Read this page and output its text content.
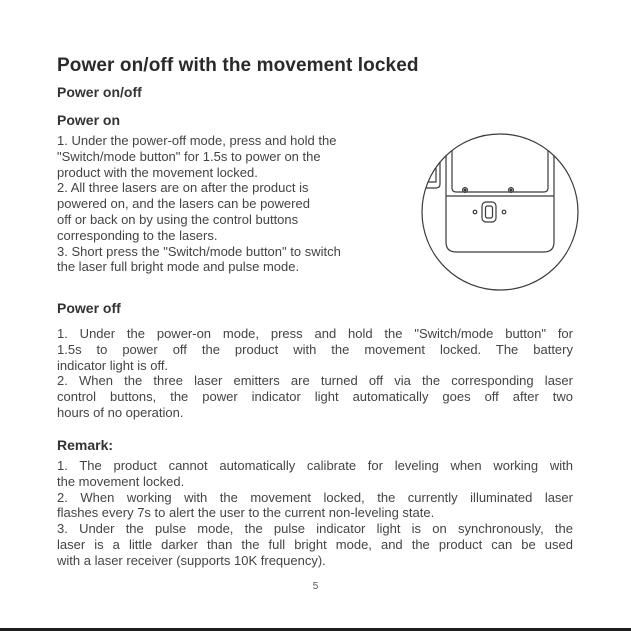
Power on/off with the movement locked
Power on/off
Power on
1. Under the power-off mode, press and hold the
"Switch/mode button" for 1.5s to power on the
product with the movement locked.
2. All three lasers are on after the product is
powered on, and the lasers can be powered
off or back on by using the control buttons
corresponding to the lasers.
3. Short press the "Switch/mode button" to switch
the laser full bright mode and pulse mode.
Power off
1. Under the power-on mode, press and hold the "Switch/mode button" for
1.5s to power off the product with the movement locked. The battery
indicator light is off.
2. When the three laser emitters are turned off via the corresponding laser
control buttons, the power indicator light automatically goes off after two
hours of no operation.
Remark:
1. The product cannot automatically calibrate for leveling when working with
the movement locked.
2. When working with the movement locked, the currently illuminated laser
flashes every 7s to alert the user to the current non-leveling state.
3. Under the pulse mode, the pulse indicator light is on synchronously, the
laser is a little darker than the full bright mode, and the product can be used
with a laser receiver (supports 10K frequency).
5
